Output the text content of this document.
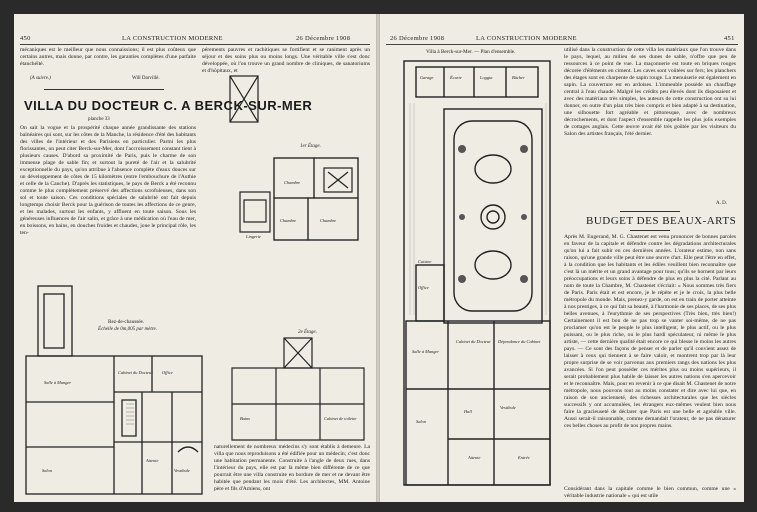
450	LA CONSTRUCTION MODERNE	26 Décembre 1908
mécaniques est le meilleur que nous connaissions; il est plus coûteux que certains autres, mais donne, par contre, les garanties complètes d'une parfaite étanchéité.
(A suivre.)	Will Darvillé.
VILLA DU DOCTEUR C. A BERCK-SUR-MER
planche 33
On sait la vogue et la prospérité chaque année grandissante des stations balnéaires qui sont, sur les côtes de la Manche, la résidence d'été des habitants des villes de l'intérieur et des Parisiens en particulier. Parmi les plus florissantes, on peut citer Berck-sur-Mer, dont l'accroissement constant tient à plusieurs causes. D'abord sa proximité de Paris, puis le charme de son immense plage de sable fin; et surtout la pureté de l'air et la salubrité exceptionnelle du pays, qu'on attribue à l'absence complète d'eaux douces sur un développement de côtes de 15 kilomètres (entre l'embouchure de l'Authie et celle de la Canche). D'après les statistiques, le pays de Berck a été reconnu comme le plus complètement préservé des affections scrofuleuses, dans son sol et toute saison. Ces conditions spéciales de salubrité ont fait depuis longtemps choisir Berck pour la guérison de toutes les affections de ce genre, et les malades, surtout les enfants, y affluent en toute saison. Sous les généreuses influences de l'air salin, et grâce à une médication où l'eau de mer, en boissons, en bains, en douches froides et chaudes, joue le principal rôle, les ten-
pérements pauvres et rachitiques se fortifient et se raniment après un séjour et des soins plus ou moins longs. Une véritable ville s'est donc développée, où l'on trouve un grand nombre de cliniques, de sanatoriums et d'hôpitaux, et
1er Étage.
Chambre
Chambre	Chambre
Lingerie
Salle à Manger
Cabinet du Docteur Office
Salon
Attente
Vestibule
Rez-de-chaussée.
Échelle de 0m,005 par mètre.
2e Étage.
Bains	Cabinet de toilette
naturellement de nombreux médecins s'y sont établis à demeure. La villa que nous reproduisons a été édifiée pour un médecin; c'est donc une habitation permanente. Construite à l'angle de deux rues, dans l'intérieur du pays, elle est par là même bien différente de ce que pourrait être une villa construite en bordure de mer et ne devant être habitée que pendant les mois d'été. Les architectes, MM. Antoine père et fils d'Amiens, ont
26 Décembre 1908	LA CONSTRUCTION MODERNE	451
Villa à Berck-sur-Mer. — Plan d'ensemble.
Garage	Écurie	Loggia	Bûcher
Cuisine
Office
Salle à Manger
Cabinet du Docteur Dépendance du Cabinet
Salon
Hall
Vestibule
Attente	Entrée
utilisé dans la construction de cette villa les matériaux que l'on trouve dans le pays, lequel, au milieu de ses dunes de sable, n'offre que peu de ressources à ce point de vue. La maçonnerie est toute en briques rouges décorée d'éléments en ciment. Les caves sont voûtées sur fers; les planchers des étages sont en charpente de sapin rouge. La menuiserie est également en sapin. La couverture est en ardoises. L'immeuble possède un chauffage central à l'eau chaude. Malgré les crédits peu élevés dont ils disposaient et avec des matériaux très simples, les auteurs de cette construction ont su lui donner, en outre d'un plan très bien compris et bien adapté à sa destination, une silhouette fort agréable et pittoresque, avec de nombreux décrochements, et dont l'aspect d'ensemble rappelle les plus jolis exemples de cottages anglais. Cette œuvre avait été très goûtée par les visiteurs du Salon des artistes français, l'été dernier.
A. D.
BUDGET DES BEAUX-ARTS
Après M. Engerand, M. G. Chastenet est venu prononcer de bonnes paroles en faveur de la capitale et défendre contre les dégradations architecturales qu'on lui a fait subir en ces dernières années. L'orateur estime, non sans raison, qu'une grande ville peut être une œuvre d'art. Elle peut l'être en effet, à la condition que les habitants et les édiles veuillent bien reconnaître que c'est là un mérite et un grand avantage pour tous; qu'ils se hornent par leurs préoccupations et leurs soins à défendre de plus en plus la cité. Parlant au nom de toute la Chambre, M. Chastenet s'écriait: « Nous sommes très fiers de Paris. Paris était et est encore, je le répète et je le crois, la plus belle métropole du monde. Mais, prenez-y garde, on est en train de porter atteinte à nos prestiges, à ce qui fait sa beauté, à l'harmonie de ses places, de ses plus belles avenues, à l'eurythmie de ses perspectives (Très bien, très bien!) Certainement il est bon de ne pas trop se vanter soi-même, de ne pas proclamer qu'on est le peuple le plus intelligent, le plus actif, ou le plus puissant, ou le plus riche, ou le plus hardi spéculateur, ni même le plus artiste, — cette dernière qualité était encore ce qui blesse le moins les autres pays. — Ce sont des façons de penser et de parler qu'il convient assez de laisser à ceux qui tiennent à se faire valoir, et montrent trop par là leur propre surprise de se voir parvenus aux premiers rangs des nations les plus avancées. Si l'on peut posséder ces mérites plus ou moins supérieurs, il serait probablement plus habile de laisser les autres nations s'en apercevoir et le reconnaître. Mais, pour en revenir à ce que disait M. Chastenet de notre métropole, nous pouvons tout au moins constater et dire avec lui que, en raison de son ancienneté, des richesses architecturales que les siècles successifs y ont accumulées, les étrangers eux-mêmes veulent bien nous faire la gracieuseté de déclarer que Paris est une belle et agréable ville. Aussi serait-il raisonnable, comme demandait l'orateur, de ne pas dénaturer ces belles choses au profit de nos propres mains.
Considérant dans la capitale comme le bien commun, comme une « véritable industrie nationale » qui est utile
